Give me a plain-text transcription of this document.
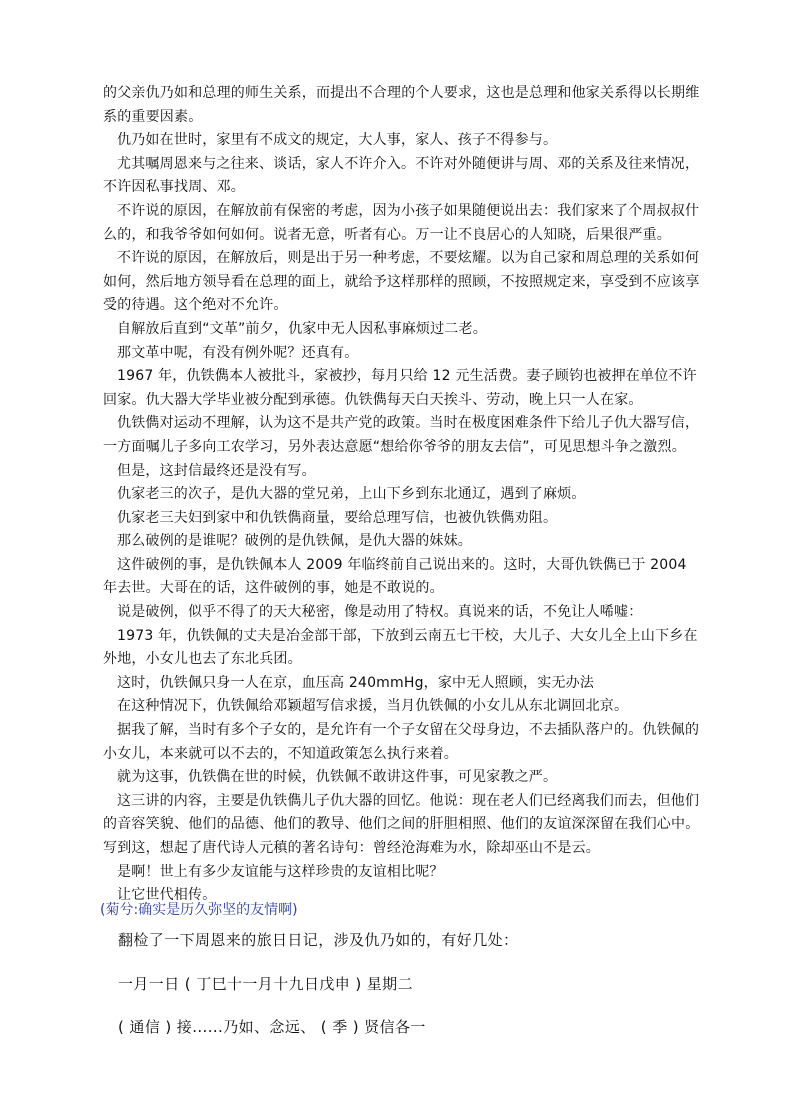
的父亲仇乃如和总理的师生关系，而提出不合理的个人要求，这也是总理和他家关系得以长期维系的重要因素。

仇乃如在世时，家里有不成文的规定，大人事，家人、孩子不得参与。

尤其嘱周恩来与之往来、谈话，家人不许介入。不许对外随便讲与周、邓的关系及往来情况，不许因私事找周、邓。

不许说的原因，在解放前有保密的考虑，因为小孩子如果随便说出去：我们家来了个周叔叔什么的，和我爷爷如何如何。说者无意，听者有心。万一让不良居心的人知晓，后果很严重。

不许说的原因，在解放后，则是出于另一种考虑，不要炫耀。以为自己家和周总理的关系如何如何，然后地方领导看在总理的面上，就给予这样那样的照顾，不按照规定来，享受到不应该享受的待遇。这个绝对不允许。

自解放后直到“文革”前夕，仇家中无人因私事麻烦过二老。

那文革中呢，有没有例外呢？还真有。

1967 年，仇铁儁本人被批斗，家被抄，每月只给 12 元生活费。妻子顾钧也被押在单位不许回家。仇大器大学毕业被分配到承德。仇铁儁每天白天挨斗、劳动，晚上只一人在家。

仇铁儁对运动不理解，认为这不是共产党的政策。当时在极度困难条件下给儿子仇大器写信，一方面嘱儿子多向工农学习，另外表达意愿“想给你爷爷的朋友去信”，可见思想斗争之激烈。

但是，这封信最终还是没有写。

仇家老三的次子，是仇大器的堂兄弟，上山下乡到东北通辽，遇到了麻烦。

仇家老三夫妇到家中和仇铁儁商量，要给总理写信，也被仇铁儁劝阻。

那么破例的是谁呢？破例的是仇铁佩，是仇大器的妹妹。

这件破例的事，是仇铁佩本人 2009 年临终前自己说出来的。这时，大哥仇铁儁已于 2004 年去世。大哥在的话，这件破例的事，她是不敢说的。

说是破例，似乎不得了的天大秘密，像是动用了特权。真说来的话，不免让人唏嘘：

1973 年，仇铁佩的丈夫是冶金部干部，下放到云南五七干校，大儿子、大女儿全上山下乡在外地，小女儿也去了东北兵团。

这时，仇铁佩只身一人在京，血压高 240mmHg，家中无人照顾，实无办法

在这种情况下，仇铁佩给邓颖超写信求援，当月仇铁佩的小女儿从东北调回北京。

据我了解，当时有多个子女的，是允许有一个子女留在父母身边，不去插队落户的。仇铁佩的小女儿，本来就可以不去的，不知道政策怎么执行来着。

就为这事，仇铁儁在世的时候，仇铁佩不敢讲这件事，可见家教之严。

这三讲的内容，主要是仇铁儁儿子仇大器的回忆。他说：现在老人们已经离我们而去，但他们的音容笑貌、他们的品德、他们的教导、他们之间的肝胆相照、他们的友谊深深留在我们心中。写到这，想起了唐代诗人元稹的著名诗句：曾经沧海难为水，除却巫山不是云。

是啊！世上有多少友谊能与这样珍贵的友谊相比呢？

让它世代相传。

(菊兮:确实是历久弥坚的友情啊)
翻检了一下周恩来的旅日日记，涉及仇乃如的，有好几处：
一月一日 ( 丁巳十一月十九日戊申 ) 星期二
( 通信 ) 接......乃如、念远、 ( 季 ) 贤信各一
